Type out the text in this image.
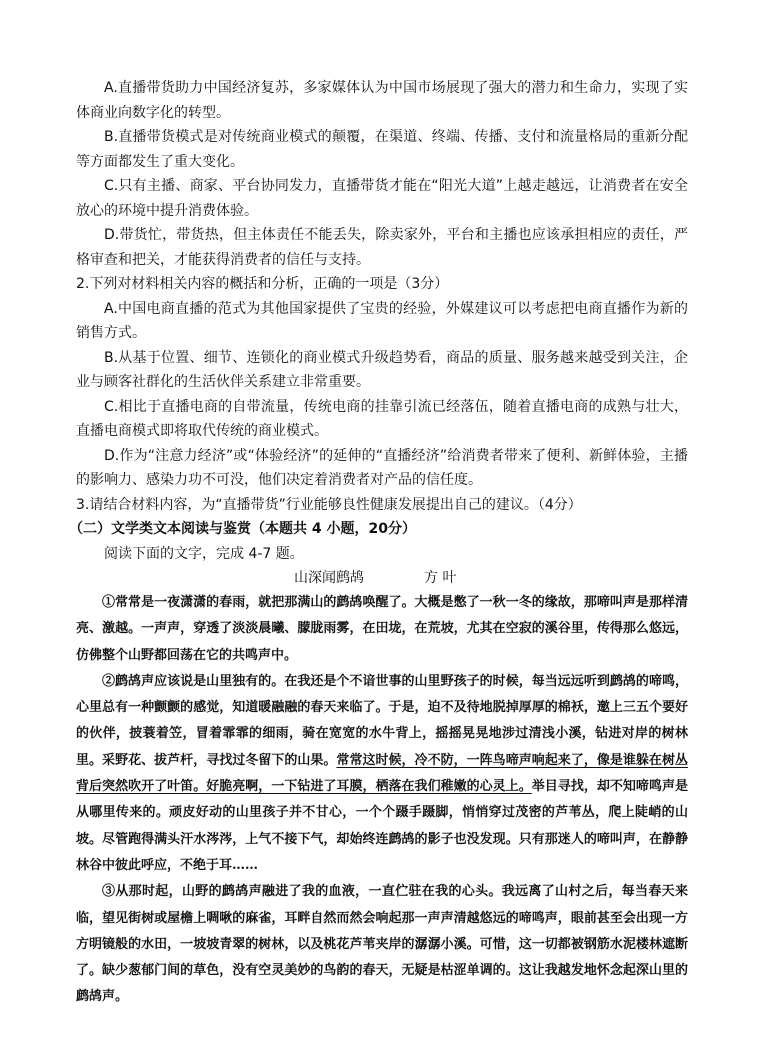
A.直播带货助力中国经济复苏，多家媒体认为中国市场展现了强大的潜力和生命力，实现了实体商业向数字化的转型。

B.直播带货模式是对传统商业模式的颠覆，在渠道、终端、传播、支付和流量格局的重新分配等方面都发生了重大变化。

C.只有主播、商家、平台协同发力，直播带货才能在“阳光大道”上越走越远，让消费者在安全放心的环境中提升消费体验。

D.带货忙，带货热，但主体责任不能丢失，除卖家外，平台和主播也应该承担相应的责任，严格审查和把关，才能获得消费者的信任与支持。

2.下列对材料相关内容的概括和分析，正确的一项是（3分）

A.中国电商直播的范式为其他国家提供了宝贵的经验，外媒建议可以考虑把电商直播作为新的销售方式。

B.从基于位置、细节、连锁化的商业模式升级趋势看，商品的质量、服务越来越受到关注，企业与顾客社群化的生活伙伴关系建立非常重要。

C.相比于直播电商的自带流量，传统电商的挂靠引流已经落伍，随着直播电商的成熟与壮大，直播电商模式即将取代传统的商业模式。

D.作为“注意力经济”或“体验经济”的延伸的“直播经济”给消费者带来了便利、新鲜体验，主播的影响力、感染力功不可没，他们决定着消费者对产品的信任度。

3.请结合材料内容，为“直播带货”行业能够良性健康发展提出自己的建议。（4分）

（二）文学类文本阅读与鉴赏（本题共 4 小题，20分）

阅读下面的文字，完成 4-7 题。

山深闻鹧鸪	方 叶

①常常是一夜潇潇的春雨，就把那满山的鹧鸪唤醒了。大概是憋了一秋一冬的缘故，那啼叫声是那样清亮、激越。一声声，穿透了淡淡晨曦、朦胧雨雾，在田垅，在荒坡，尤其在空寂的溪谷里，传得那么悠远，仿佛整个山野都回荡在它的共鸣声中。

②鹧鸪声应该说是山里独有的。在我还是个不谙世事的山里野孩子的时候，每当远远听到鹧鸪的啼鸣，心里总有一种颤颤的感觉，知道暖融融的春天来临了。于是，迫不及待地脱掉厚厚的棉袄，邀上三五个要好的伙伴，披蓑着笠，冒着霏霏的细雨，骑在宽宽的水牛背上，摇摇晃晃地涉过清浅小溪，钻进对岸的树林里。采野花、拔芦杆，寻找过冬留下的山果。常常这时候，冷不防，一阵鸟啼声响起来了，像是谁躲在树丛背后突然吹开了叶笛。好脆亮啊，一下钻进了耳膜，栖落在我们稚嫩的心灵上。举目寻找，却不知啼鸣声是从哪里传来的。顽皮好动的山里孩子并不甘心，一个个蹑手蹑脚，悄悄穿过茂密的芦苇丛，爬上陡峭的山坡。尽管跑得满头汗水涔涔，上气不接下气，却始终连鹧鸪的影子也没发现。只有那迷人的啼叫声，在静静林谷中彼此呼应，不绝于耳……

③从那时起，山野的鹧鸪声融进了我的血液，一直伫驻在我的心头。我远离了山村之后，每当春天来临，望见街树或屋檐上啁啾的麻雀，耳畔自然而然会响起那一声声清越悠远的啼鸣声，眼前甚至会出现一方方明镜般的水田，一坡坡青翠的树林，以及桃花芦苇夹岸的潺潺小溪。可惜，这一切都被钢筋水泥楼林遮断了。缺少葱郁门间的草色，没有空灵美妙的鸟韵的春天，无疑是枯涩单调的。这让我越发地怀念起深山里的鹧鸪声。
